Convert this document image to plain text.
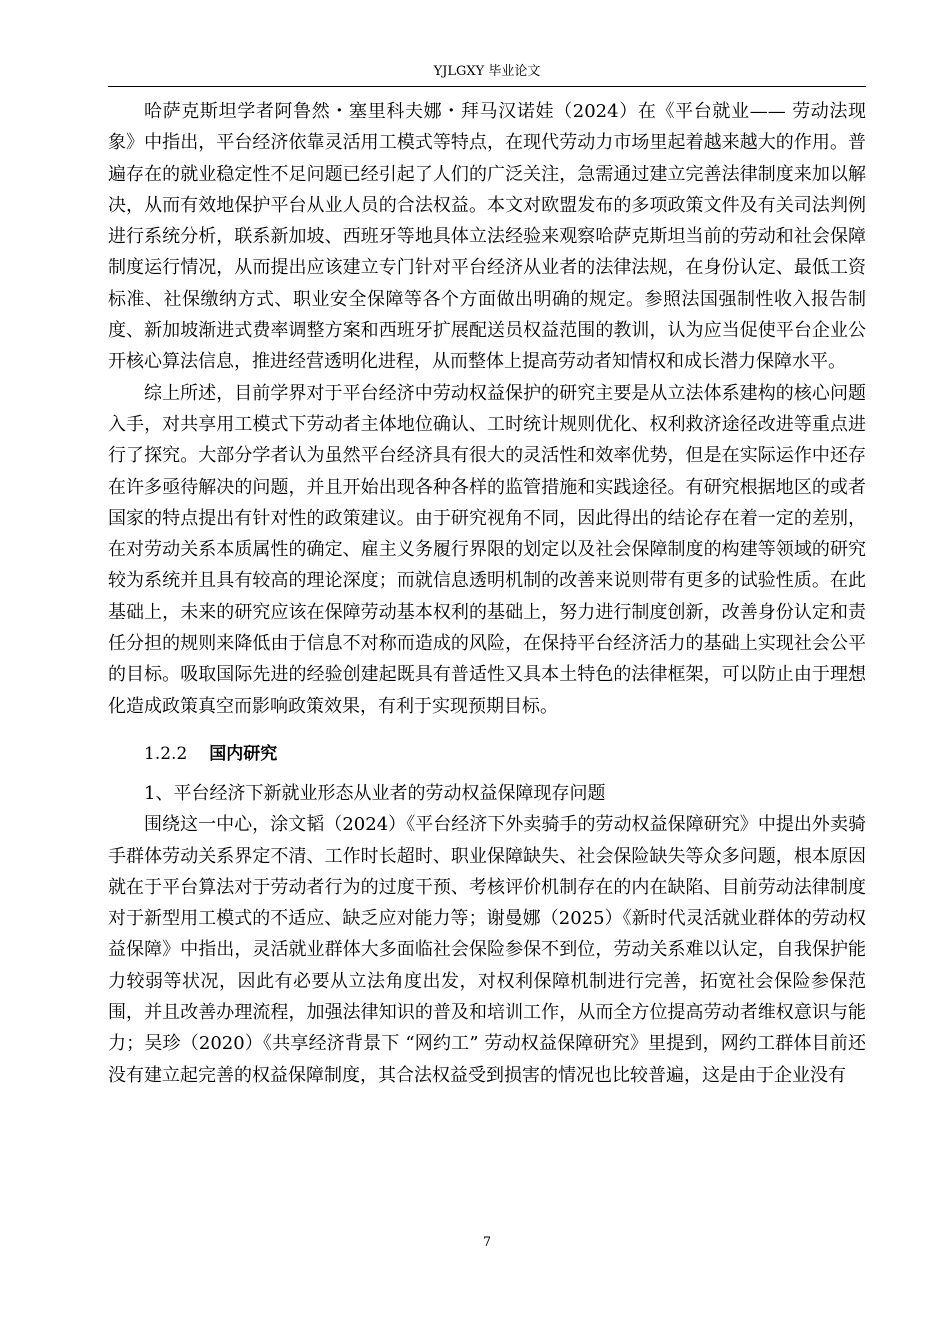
YJLGXY 毕业论文

哈萨克斯坦学者阿鲁然・塞里科夫娜・拜马汉诺娃（2024）在《平台就业—— 劳动法现象》中指出，平台经济依靠灵活用工模式等特点，在现代劳动力市场里起着越来越大的作用。普遍存在的就业稳定性不足问题已经引起了人们的广泛关注，急需通过建立完善法律制度来加以解决，从而有效地保护平台从业人员的合法权益。本文对欧盟发布的多项政策文件及有关司法判例进行系统分析，联系新加坡、西班牙等地具体立法经验来观察哈萨克斯坦当前的劳动和社会保障制度运行情况，从而提出应该建立专门针对平台经济从业者的法律法规，在身份认定、最低工资标准、社保缴纳方式、职业安全保障等各个方面做出明确的规定。参照法国强制性收入报告制度、新加坡渐进式费率调整方案和西班牙扩展配送员权益范围的教训，认为应当促使平台企业公开核心算法信息，推进经营透明化进程，从而整体上提高劳动者知情权和成长潜力保障水平。

综上所述，目前学界对于平台经济中劳动权益保护的研究主要是从立法体系建构的核心问题入手，对共享用工模式下劳动者主体地位确认、工时统计规则优化、权利救济途径改进等重点进行了探究。大部分学者认为虽然平台经济具有很大的灵活性和效率优势，但是在实际运作中还存在许多亟待解决的问题，并且开始出现各种各样的监管措施和实践途径。有研究根据地区的或者国家的特点提出有针对性的政策建议。由于研究视角不同，因此得出的结论存在着一定的差别，在对劳动关系本质属性的确定、雇主义务履行界限的划定以及社会保障制度的构建等领域的研究较为系统并且具有较高的理论深度；而就信息透明机制的改善来说则带有更多的试验性质。在此基础上，未来的研究应该在保障劳动基本权利的基础上，努力进行制度创新，改善身份认定和责任分担的规则来降低由于信息不对称而造成的风险，在保持平台经济活力的基础上实现社会公平的目标。吸取国际先进的经验创建起既具有普适性又具本土特色的法律框架，可以防止由于理想化造成政策真空而影响政策效果，有利于实现预期目标。

1.2.2 国内研究

1、平台经济下新就业形态从业者的劳动权益保障现存问题

围绕这一中心，涂文韬（2024）《平台经济下外卖骑手的劳动权益保障研究》中提出外卖骑手群体劳动关系界定不清、工作时长超时、职业保障缺失、社会保险缺失等众多问题，根本原因就在于平台算法对于劳动者行为的过度干预、考核评价机制存在的内在缺陷、目前劳动法律制度对于新型用工模式的不适应、缺乏应对能力等；谢曼娜（2025）《新时代灵活就业群体的劳动权益保障》中指出，灵活就业群体大多面临社会保险参保不到位，劳动关系难以认定，自我保护能力较弱等状况，因此有必要从立法角度出发，对权利保障机制进行完善，拓宽社会保险参保范围，并且改善办理流程，加强法律知识的普及和培训工作，从而全方位提高劳动者维权意识与能力；吴珍（2020）《共享经济背景下 “网约工” 劳动权益保障研究》里提到，网约工群体目前还没有建立起完善的权益保障制度，其合法权益受到损害的情况也比较普遍，这是由于企业没有

7
